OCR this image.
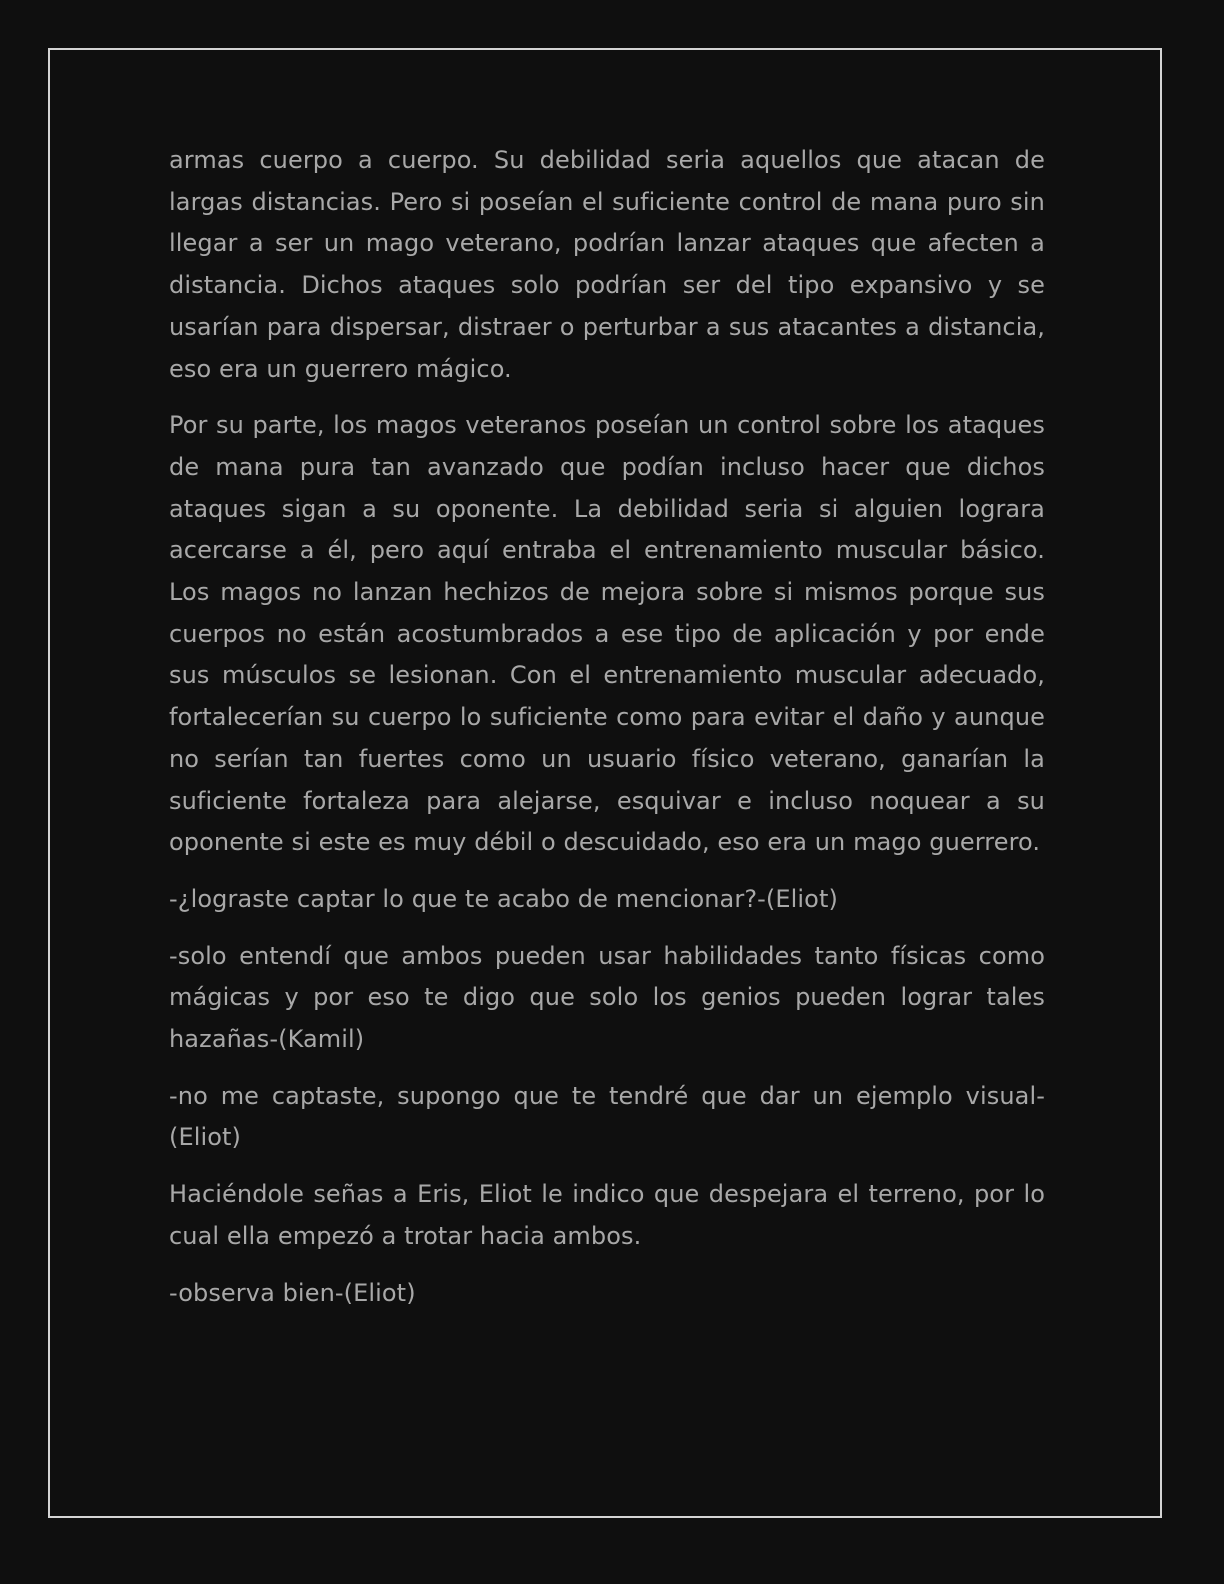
armas cuerpo a cuerpo. Su debilidad seria aquellos que atacan de largas distancias. Pero si poseían el suficiente control de mana puro sin llegar a ser un mago veterano, podrían lanzar ataques que afecten a distancia. Dichos ataques solo podrían ser del tipo expansivo y se usarían para dispersar, distraer o perturbar a sus atacantes a distancia, eso era un guerrero mágico.

Por su parte, los magos veteranos poseían un control sobre los ataques de mana pura tan avanzado que podían incluso hacer que dichos ataques sigan a su oponente. La debilidad seria si alguien lograra acercarse a él, pero aquí entraba el entrenamiento muscular básico. Los magos no lanzan hechizos de mejora sobre si mismos porque sus cuerpos no están acostumbrados a ese tipo de aplicación y por ende sus músculos se lesionan. Con el entrenamiento muscular adecuado, fortalecerían su cuerpo lo suficiente como para evitar el daño y aunque no serían tan fuertes como un usuario físico veterano, ganarían la suficiente fortaleza para alejarse, esquivar e incluso noquear a su oponente si este es muy débil o descuidado, eso era un mago guerrero.

-¿lograste captar lo que te acabo de mencionar?-(Eliot)

-solo entendí que ambos pueden usar habilidades tanto físicas como mágicas y por eso te digo que solo los genios pueden lograr tales hazañas-(Kamil)

-no me captaste, supongo que te tendré que dar un ejemplo visual-(Eliot)

Haciéndole señas a Eris, Eliot le indico que despejara el terreno, por lo cual ella empezó a trotar hacia ambos.

-observa bien-(Eliot)
